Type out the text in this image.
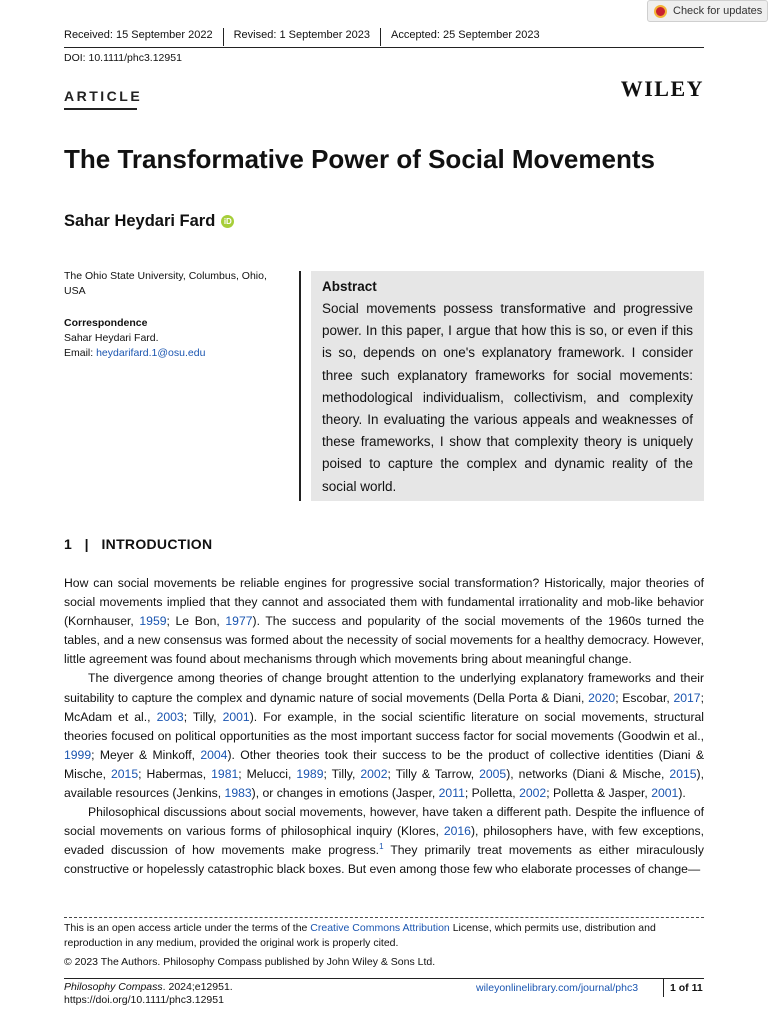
Check for updates
Received: 15 September 2022	Revised: 1 September 2023	Accepted: 25 September 2023
DOI: 10.1111/phc3.12951
ARTICLE	WILEY
The Transformative Power of Social Movements
Sahar Heydari Fard	iD
The Ohio State University, Columbus, Ohio, USA
Correspondence
Sahar Heydari Fard.
Email: heydarifard.1@osu.edu
Abstract
Social movements possess transformative and progressive power. In this paper, I argue that how this is so, or even if this is so, depends on one's explanatory framework. I consider three such explanatory frameworks for social movements: methodological individualism, collectivism, and complexity theory. In evaluating the various appeals and weaknesses of these frameworks, I show that complexity theory is uniquely poised to capture the complex and dynamic reality of the social world.
1 | INTRODUCTION

How can social movements be reliable engines for progressive social transformation? Historically, major theories of social movements implied that they cannot and associated them with fundamental irrationality and mob-like behavior (Kornhauser, 1959; Le Bon, 1977). The success and popularity of the social movements of the 1960s turned the tables, and a new consensus was formed about the necessity of social movements for a healthy democracy. However, little agreement was found about mechanisms through which movements bring about meaningful change.

The divergence among theories of change brought attention to the underlying explanatory frameworks and their suitability to capture the complex and dynamic nature of social movements (Della Porta & Diani, 2020; Escobar, 2017; McAdam et al., 2003; Tilly, 2001). For example, in the social scientific literature on social movements, structural theories focused on political opportunities as the most important success factor for social movements (Goodwin et al., 1999; Meyer & Minkoff, 2004). Other theories took their success to be the product of collective identities (Diani & Mische, 2015; Habermas, 1981; Melucci, 1989; Tilly, 2002; Tilly & Tarrow, 2005), networks (Diani & Mische, 2015), available resources (Jenkins, 1983), or changes in emotions (Jasper, 2011; Polletta, 2002; Polletta & Jasper, 2001).

Philosophical discussions about social movements, however, have taken a different path. Despite the influence of social movements on various forms of philosophical inquiry (Klores, 2016), philosophers have, with few exceptions, evaded discussion of how movements make progress.$^1$ They primarily treat movements as either miraculously constructive or hopelessly catastrophic black boxes. But even among those few who elaborate processes of change—

This is an open access article under the terms of the Creative Commons Attribution License, which permits use, distribution and reproduction in any medium, provided the original work is properly cited.
© 2023 The Authors. Philosophy Compass published by John Wiley & Sons Ltd.
Philosophy Compass. 2024;e12951.
https://doi.org/10.1111/phc3.12951
wileyonlinelibrary.com/journal/phc3	1 of 11
